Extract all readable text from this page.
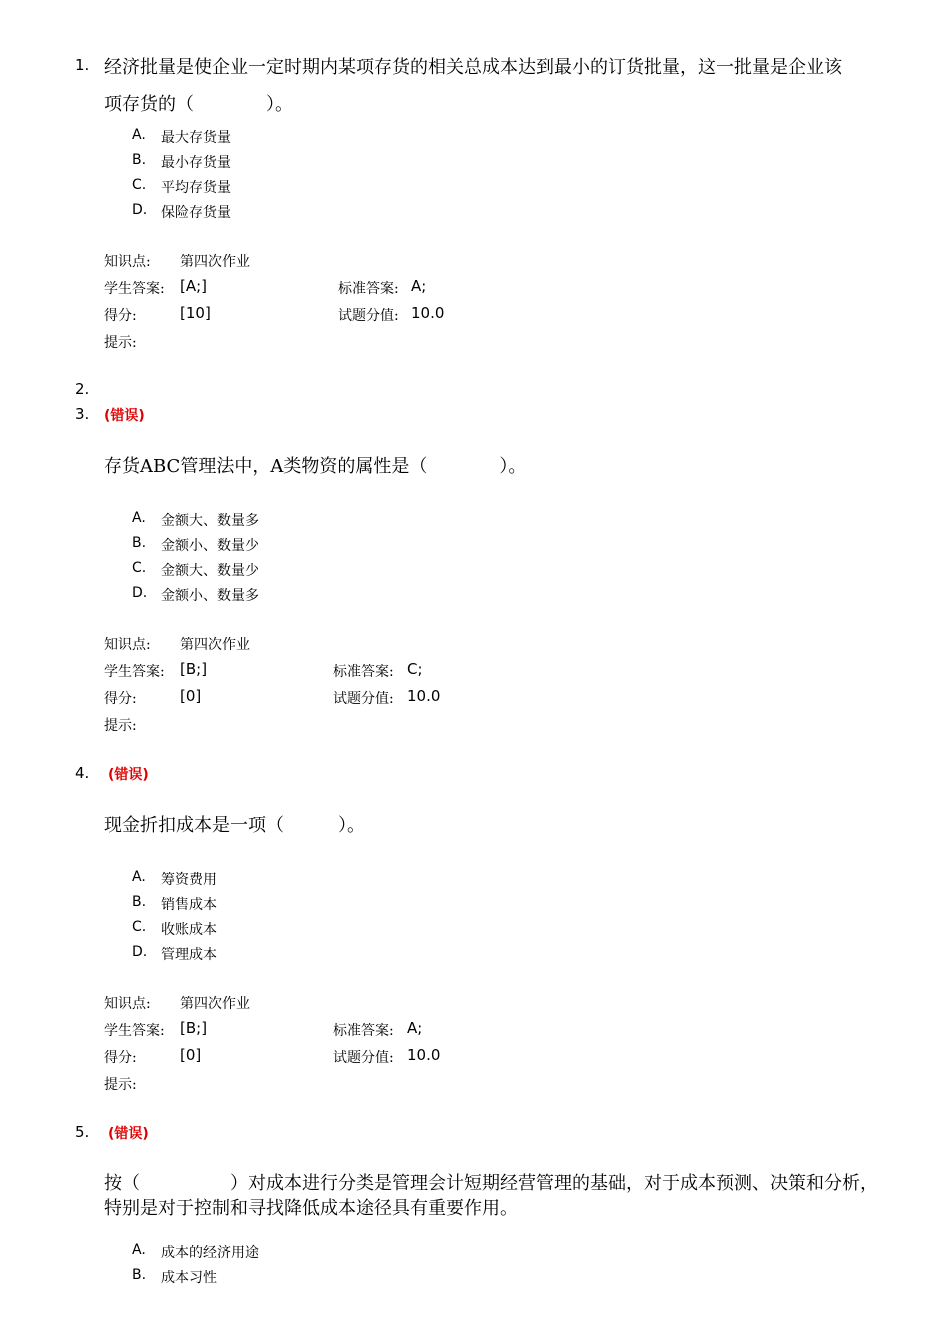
1. 经济批量是使企业一定时期内某项存货的相关总成本达到最小的订货批量，这一批量是企业该
项存货的（　　　　）。
A. 最大存货量
B. 最小存货量
C. 平均存货量
D. 保险存货量
知识点: 第四次作业
学生答案: [A;]	标准答案: A;
得分:	[10]	试题分值: 10.0
提示:
2.
3. (错误)
存货ABC管理法中，A类物资的属性是（　　　　）。
A. 金额大、数量多
B. 金额小、数量少
C. 金额大、数量少
D. 金额小、数量多
知识点: 第四次作业
学生答案: [B;]	标准答案: C;
得分:	[0]	试题分值: 10.0
提示:
4. (错误)
现金折扣成本是一项（　　　）。
A. 筹资费用
B. 销售成本
C. 收账成本
D. 管理成本
知识点: 第四次作业
学生答案: [B;]	标准答案: A;
得分:	[0]	试题分值: 10.0
提示:
5. (错误)
按（　　　　　）对成本进行分类是管理会计短期经营管理的基础，对于成本预测、决策和分析，
特别是对于控制和寻找降低成本途径具有重要作用。
A. 成本的经济用途
B. 成本习性
